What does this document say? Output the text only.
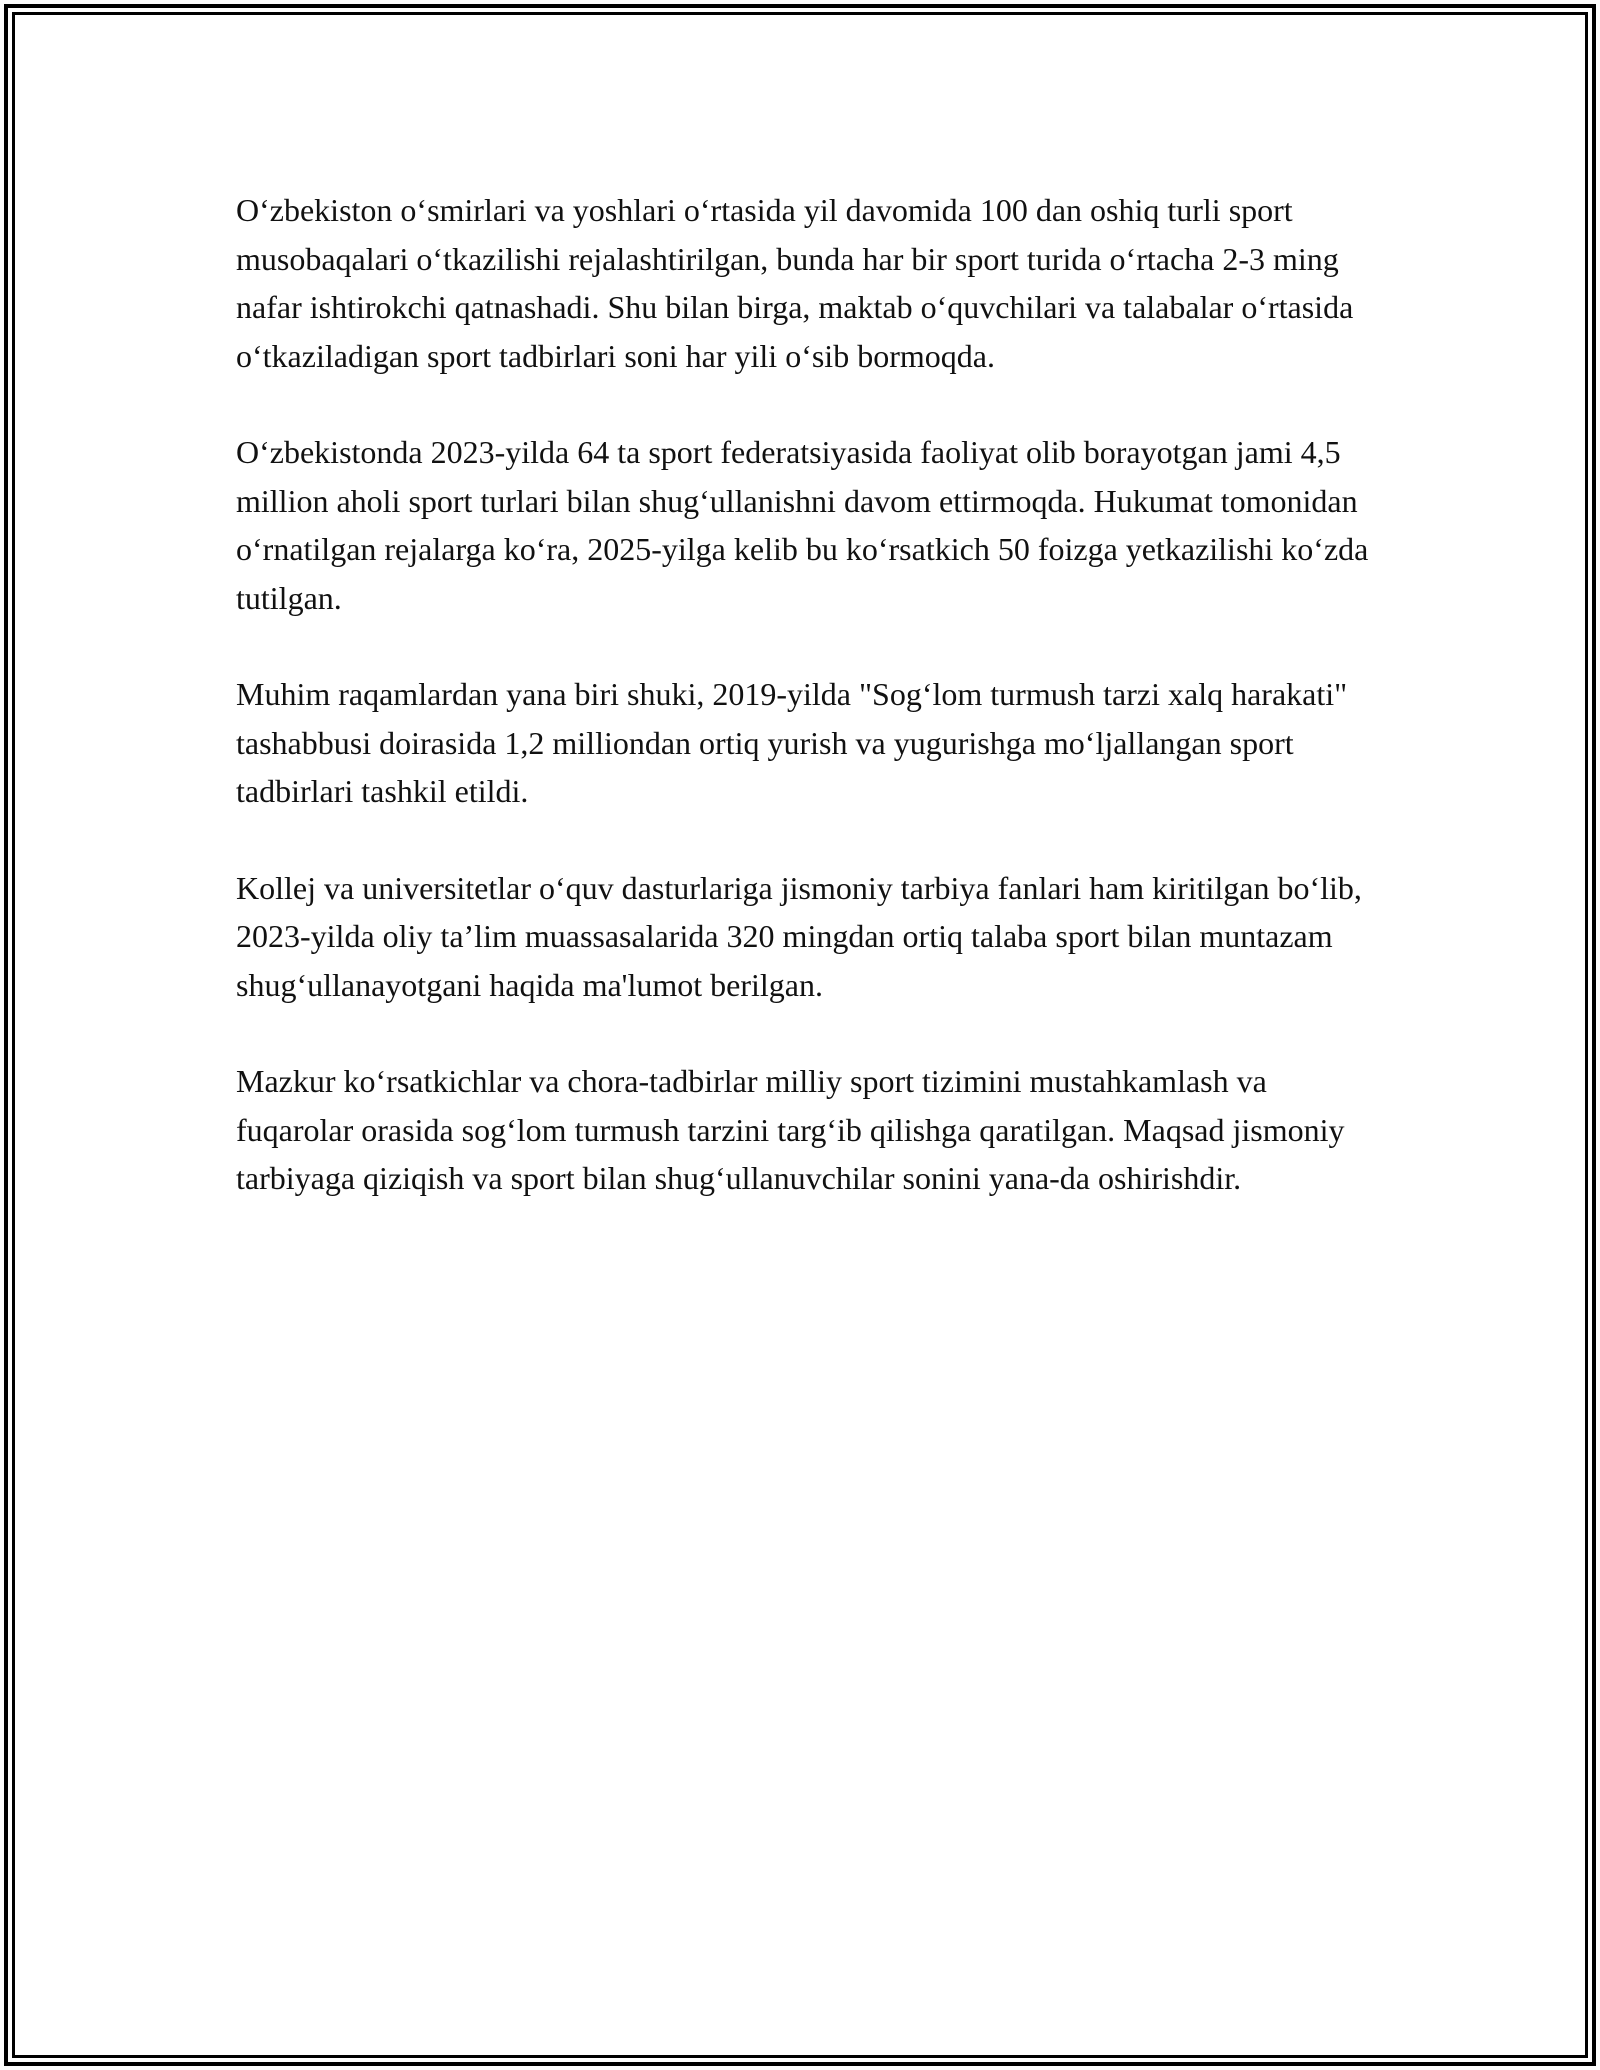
O‘zbekiston o‘smirlari va yoshlari o‘rtasida yil davomida 100 dan oshiq turli sport musobaqalari o‘tkazilishi rejalashtirilgan, bunda har bir sport turida o‘rtacha 2-3 ming nafar ishtirokchi qatnashadi. Shu bilan birga, maktab o‘quvchilari va talabalar o‘rtasida o‘tkaziladigan sport tadbirlari soni har yili o‘sib bormoqda.

O‘zbekistonda 2023-yilda 64 ta sport federatsiyasida faoliyat olib borayotgan jami 4,5 million aholi sport turlari bilan shug‘ullanishni davom ettirmoqda. Hukumat tomonidan o‘rnatilgan rejalarga ko‘ra, 2025-yilga kelib bu ko‘rsatkich 50 foizga yetkazilishi ko‘zda tutilgan.

Muhim raqamlardan yana biri shuki, 2019-yilda "Sog‘lom turmush tarzi xalq harakati" tashabbusi doirasida 1,2 milliondan ortiq yurish va yugurishga mo‘ljallangan sport tadbirlari tashkil etildi.

Kollej va universitetlar o‘quv dasturlariga jismoniy tarbiya fanlari ham kiritilgan bo‘lib, 2023-yilda oliy ta’lim muassasalarida 320 mingdan ortiq talaba sport bilan muntazam shug‘ullanayotgani haqida ma'lumot berilgan.

Mazkur ko‘rsatkichlar va chora-tadbirlar milliy sport tizimini mustahkamlash va fuqarolar orasida sog‘lom turmush tarzini targ‘ib qilishga qaratilgan. Maqsad jismoniy tarbiyaga qiziqish va sport bilan shug‘ullanuvchilar sonini yana-da oshirishdir.
